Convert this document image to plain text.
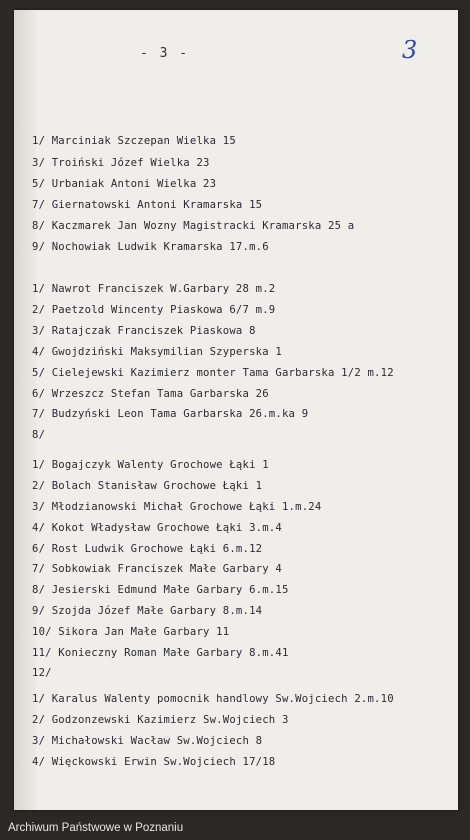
- 3 -	3
1/ Marciniak Szczepan Wielka 15
3/ Troiński Józef Wielka 23
5/ Urbaniak Antoni Wielka 23
7/ Giernatowski Antoni Kramarska 15
8/ Kaczmarek Jan Wozny Magistracki Kramarska 25 a
9/ Nochowiak Ludwik Kramarska 17.m.6
1/ Nawrot Franciszek W.Garbary 28 m.2
2/ Paetzold Wincenty Piaskowa 6/7 m.9
3/ Ratajczak Franciszek Piaskowa 8
4/ Gwojdziński Maksymilian Szyperska 1
5/ Cielejewski Kazimierz monter Tama Garbarska 1/2 m.12
6/ Wrzeszcz Stefan Tama Garbarska 26
7/ Budzyński Leon Tama Garbarska 26.m.ka 9
8/
1/ Bogajczyk Walenty Grochowe Łąki 1
2/ Bolach Stanisław Grochowe Łąki 1
3/ Młodzianowski Michał Grochowe Łąki 1.m.24
4/ Kokot Władysław Grochowe Łąki 3.m.4
6/ Rost Ludwik Grochowe Łąki 6.m.12
7/ Sobkowiak Franciszek Małe Garbary 4
8/ Jesierski Edmund Małe Garbary 6.m.15
9/ Szojda Józef Małe Garbary 8.m.14
10/ Sikora Jan Małe Garbary 11
11/ Konieczny Roman Małe Garbary 8.m.41
12/
1/ Karalus Walenty pomocnik handlowy Sw.Wojciech 2.m.10
2/ Godzonzewski Kazimierz Sw.Wojciech 3
3/ Michałowski Wacław Sw.Wojciech 8
4/ Więckowski Erwin Sw.Wojciech 17/18
Archiwum Państwowe w Poznaniu
